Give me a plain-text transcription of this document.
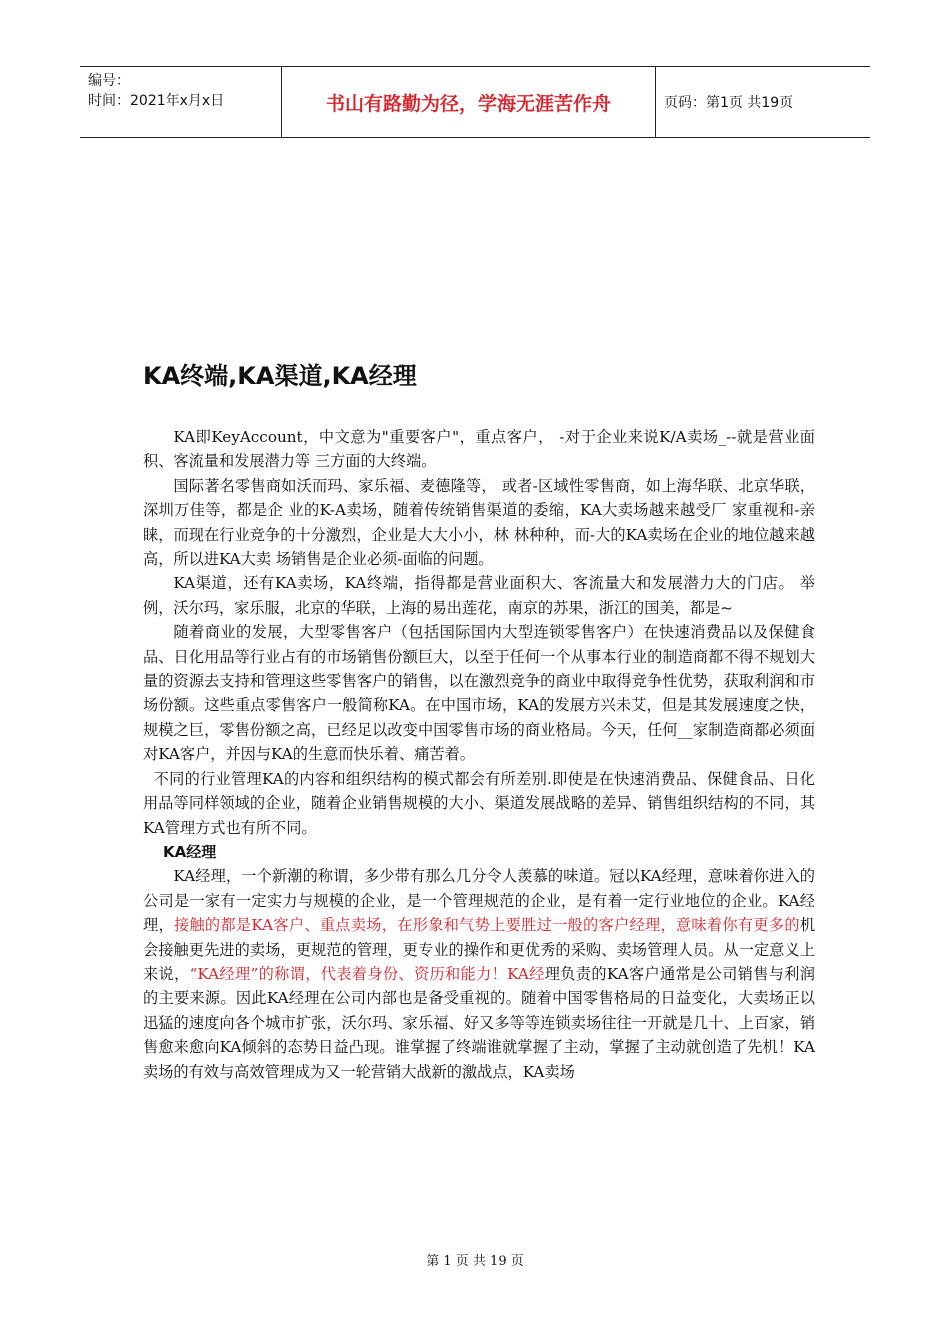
编号：
时间：2021年x月x日	书山有路勤为径，学海无涯苦作舟	页码：第1页 共19页
KA终端,KA渠道,KA经理

KA即KeyAccount，中文意为"重要客户"，重点客户， -对于企业来说K/A卖场_--就是营业面积、客流量和发展潜力等 三方面的大终端。

国际著名零售商如沃而玛、家乐福、麦德隆等， 或者-区域性零售商，如上海华联、北京华联，深圳万佳等，都是企 业的K-A卖场，随着传统销售渠道的委缩，KA大卖场越来越受厂 家重视和-亲睐，而现在行业竞争的十分激烈，企业是大大小小，林 林种种，而-大的KA卖场在企业的地位越来越高，所以进KA大卖 场销售是企业必须-面临的问题。

KA渠道，还有KA卖场，KA终端，指得都是营业面积大、客流量大和发展潜力大的门店。 举例，沃尔玛，家乐服，北京的华联，上海的易出莲花，南京的苏果，浙江的国美，都是~

随着商业的发展，大型零售客户（包括国际国内大型连锁零售客户）在快速消费品以及保健食品、日化用品等行业占有的市场销售份额巨大，以至于任何一个从事本行业的制造商都不得不规划大量的资源去支持和管理这些零售客户的销售，以在激烈竞争的商业中取得竞争性优势，获取利润和市场份额。这些重点零售客户一般简称KA。在中国市场，KA的发展方兴未艾，但是其发展速度之快，规模之巨，零售份额之高，已经足以改变中国零售市场的商业格局。今天，任何__家制造商都必须面对KA客户，并因与KA的生意而快乐着、痛苦着。

不同的行业管理KA的内容和组织结构的模式都会有所差别.即使是在快速消费品、保健食品、日化用品等同样领域的企业，随着企业销售规模的大小、渠道发展战略的差异、销售组织结构的不同，其KA管理方式也有所不同。

KA经理

KA经理，一个新潮的称谓，多少带有那么几分令人羡慕的味道。冠以KA经理，意味着你进入的公司是一家有一定实力与规模的企业，是一个管理规范的企业，是有着一定行业地位的企业。KA经理，接触的都是KA客户、重点卖场，在形象和气势上要胜过一般的客户经理，意味着你有更多的机会接触更先进的卖场，更规范的管理，更专业的操作和更优秀的采购、卖场管理人员。从一定意义上来说，“KA经理”的称谓，代表着身份、资历和能力！KA经理负责的KA客户通常是公司销售与利润的主要来源。因此KA经理在公司内部也是备受重视的。随着中国零售格局的日益变化，大卖场正以迅猛的速度向各个城市扩张，沃尔玛、家乐福、好又多等等连锁卖场往往一开就是几十、上百家，销售愈来愈向KA倾斜的态势日益凸现。谁掌握了终端谁就掌握了主动，掌握了主动就创造了先机！KA卖场的有效与高效管理成为又一轮营销大战新的激战点，KA卖场

第 1 页 共 19 页
